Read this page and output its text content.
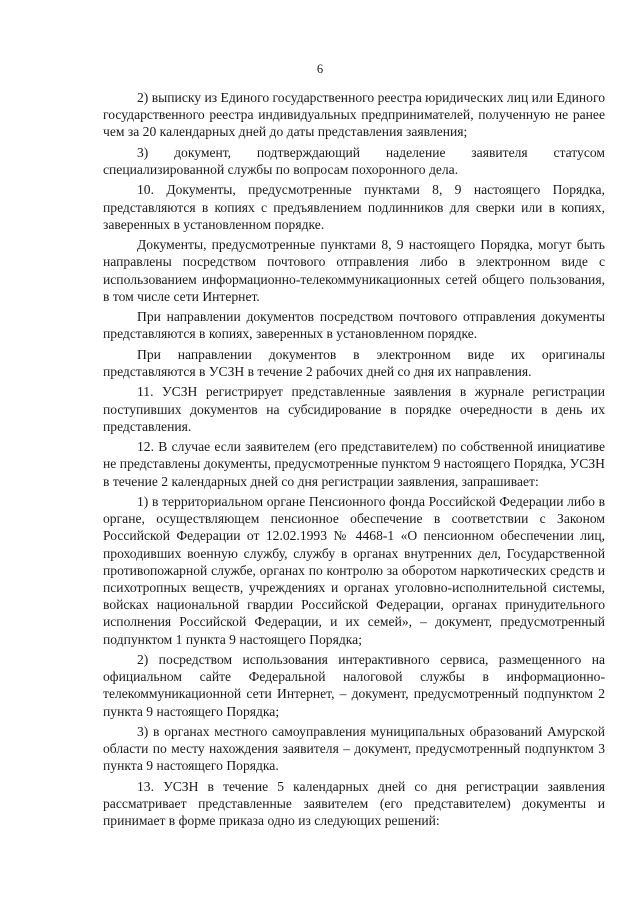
6

2) выписку из Единого государственного реестра юридических лиц или Единого государственного реестра индивидуальных предпринимателей, полученную не ранее чем за 20 календарных дней до даты представления заявления;

3) документ, подтверждающий наделение заявителя статусом специализированной службы по вопросам похоронного дела.

10. Документы, предусмотренные пунктами 8, 9 настоящего Порядка, представляются в копиях с предъявлением подлинников для сверки или в копиях, заверенных в установленном порядке.

Документы, предусмотренные пунктами 8, 9 настоящего Порядка, могут быть направлены посредством почтового отправления либо в электронном виде с использованием информационно-телекоммуникационных сетей общего пользования, в том числе сети Интернет.

При направлении документов посредством почтового отправления документы представляются в копиях, заверенных в установленном порядке.

При направлении документов в электронном виде их оригиналы представляются в УСЗН в течение 2 рабочих дней со дня их направления.

11. УСЗН регистрирует представленные заявления в журнале регистрации поступивших документов на субсидирование в порядке очередности в день их представления.

12. В случае если заявителем (его представителем) по собственной инициативе не представлены документы, предусмотренные пунктом 9 настоящего Порядка, УСЗН в течение 2 календарных дней со дня регистрации заявления, запрашивает:

1) в территориальном органе Пенсионного фонда Российской Федерации либо в органе, осуществляющем пенсионное обеспечение в соответствии с Законом Российской Федерации от 12.02.1993 № 4468-1 «О пенсионном обеспечении лиц, проходивших военную службу, службу в органах внутренних дел, Государственной противопожарной службе, органах по контролю за оборотом наркотических средств и психотропных веществ, учреждениях и органах уголовно-исполнительной системы, войсках национальной гвардии Российской Федерации, органах принудительного исполнения Российской Федерации, и их семей», – документ, предусмотренный подпунктом 1 пункта 9 настоящего Порядка;

2) посредством использования интерактивного сервиса, размещенного на официальном сайте Федеральной налоговой службы в информационно-телекоммуникационной сети Интернет, – документ, предусмотренный подпунктом 2 пункта 9 настоящего Порядка;

3) в органах местного самоуправления муниципальных образований Амурской области по месту нахождения заявителя – документ, предусмотренный подпунктом 3 пункта 9 настоящего Порядка.

13. УСЗН в течение 5 календарных дней со дня регистрации заявления рассматривает представленные заявителем (его представителем) документы и принимает в форме приказа одно из следующих решений:
